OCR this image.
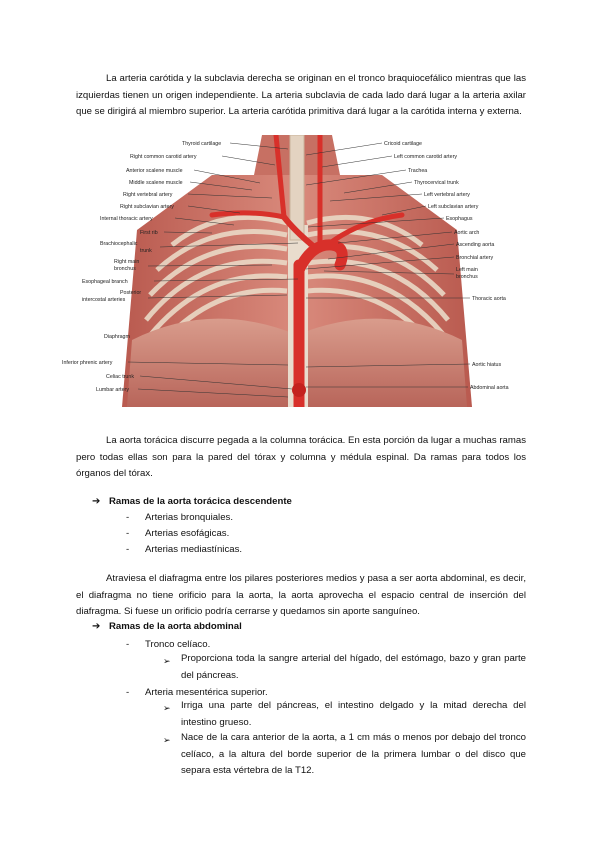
La arteria carótida y la subclavia derecha se originan en el tronco braquiocefálico mientras que las izquierdas tienen un origen independiente. La arteria subclavia de cada lado dará lugar a la arteria axilar que se dirigirá al miembro superior. La arteria carótida primitiva dará lugar a la carótida interna y externa.

Thyroid cartilage
Right common carotid artery
Anterior scalene muscle
Middle scalene muscle
Right vertebral artery
Right subclavian artery
Internal thoracic artery
First rib
Brachiocephalic
trunk
Right main
bronchus
Esophageal branch
Posterior
intercostal arteries
Diaphragm
Inferior phrenic artery
Celiac trunk
Lumbar artery
Cricoid cartilage
Left common carotid artery
Trachea
Thyrocervical trunk
Left vertebral artery
Left subclavian artery
Esophagus
Aortic arch
Ascending aorta
Bronchial artery
Left main
bronchus
Thoracic aorta
Aortic hiatus
Abdominal aorta

La aorta torácica discurre pegada a la columna torácica. En esta porción da lugar a muchas ramas pero todas ellas son para la pared del tórax y columna y médula espinal. Da ramas para todos los órganos del tórax.

➔ Ramas de la aorta torácica descendente
- Arterias bronquiales.
- Arterias esofágicas.
- Arterias mediastínicas.

Atraviesa el diafragma entre los pilares posteriores medios y pasa a ser aorta abdominal, es decir, el diafragma no tiene orificio para la aorta, la aorta aprovecha el espacio central de inserción del diafragma. Si fuese un orificio podría cerrarse y quedamos sin aporte sanguíneo.

➔ Ramas de la aorta abdominal
- Tronco celíaco.
➢ Proporciona toda la sangre arterial del hígado, del estómago, bazo y gran parte del páncreas.

- Arteria mesentérica superior.
➢ Irriga una parte del páncreas, el intestino delgado y la mitad derecha del intestino grueso.

➢ Nace de la cara anterior de la aorta, a 1 cm más o menos por debajo del tronco celíaco, a la altura del borde superior de la primera lumbar o del disco que separa esta vértebra de la T12.
